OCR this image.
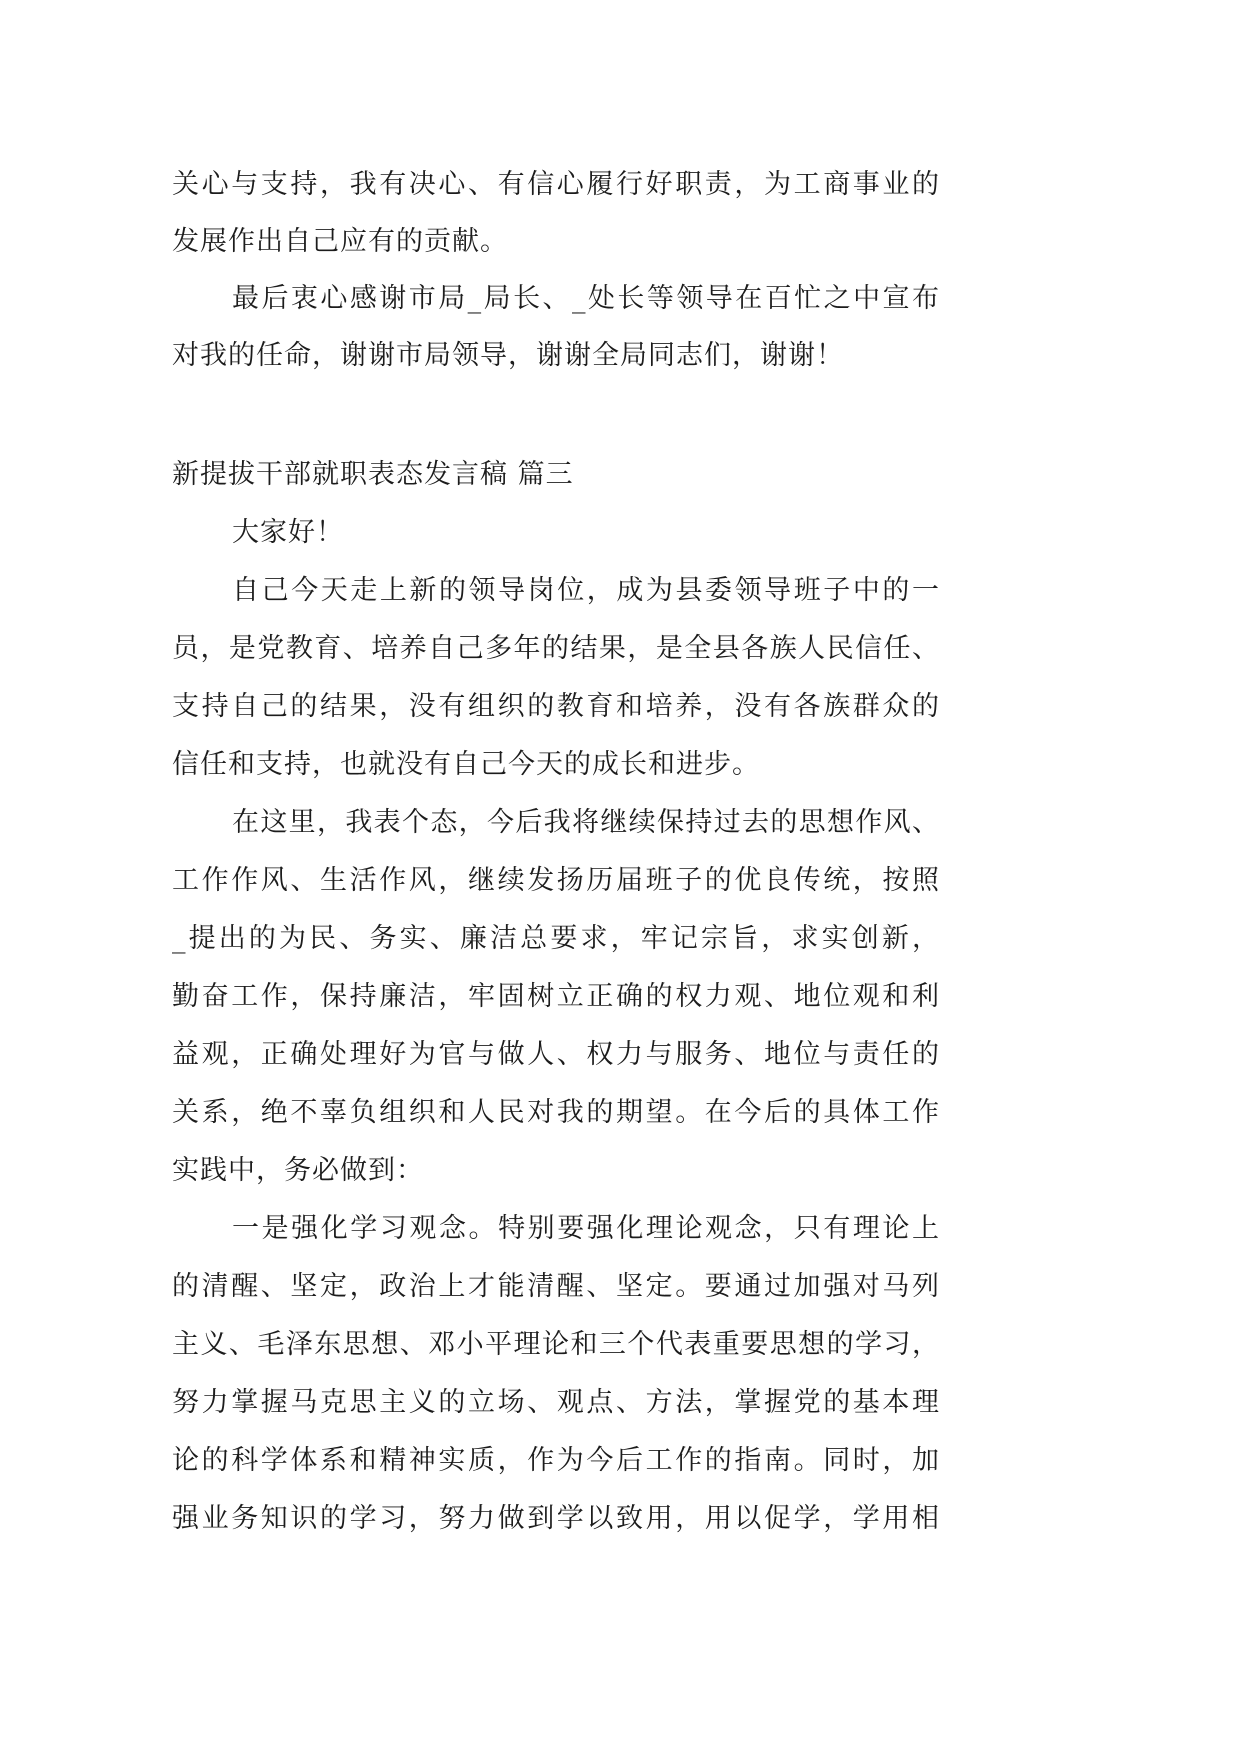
关心与支持，我有决心、有信心履行好职责，为工商事业的
发展作出自己应有的贡献。
最后衷心感谢市局_局长、_处长等领导在百忙之中宣布
对我的任命，谢谢市局领导，谢谢全局同志们，谢谢！
新提拔干部就职表态发言稿 篇三
大家好！
自己今天走上新的领导岗位，成为县委领导班子中的一
员，是党教育、培养自己多年的结果，是全县各族人民信任、
支持自己的结果，没有组织的教育和培养，没有各族群众的
信任和支持，也就没有自己今天的成长和进步。
在这里，我表个态，今后我将继续保持过去的思想作风、
工作作风、生活作风，继续发扬历届班子的优良传统，按照
_提出的为民、务实、廉洁总要求，牢记宗旨，求实创新，
勤奋工作，保持廉洁，牢固树立正确的权力观、地位观和利
益观，正确处理好为官与做人、权力与服务、地位与责任的
关系，绝不辜负组织和人民对我的期望。在今后的具体工作
实践中，务必做到：
一是强化学习观念。特别要强化理论观念，只有理论上
的清醒、坚定，政治上才能清醒、坚定。要通过加强对马列
主义、毛泽东思想、邓小平理论和三个代表重要思想的学习，
努力掌握马克思主义的立场、观点、方法，掌握党的基本理
论的科学体系和精神实质，作为今后工作的指南。同时，加
强业务知识的学习，努力做到学以致用，用以促学，学用相
